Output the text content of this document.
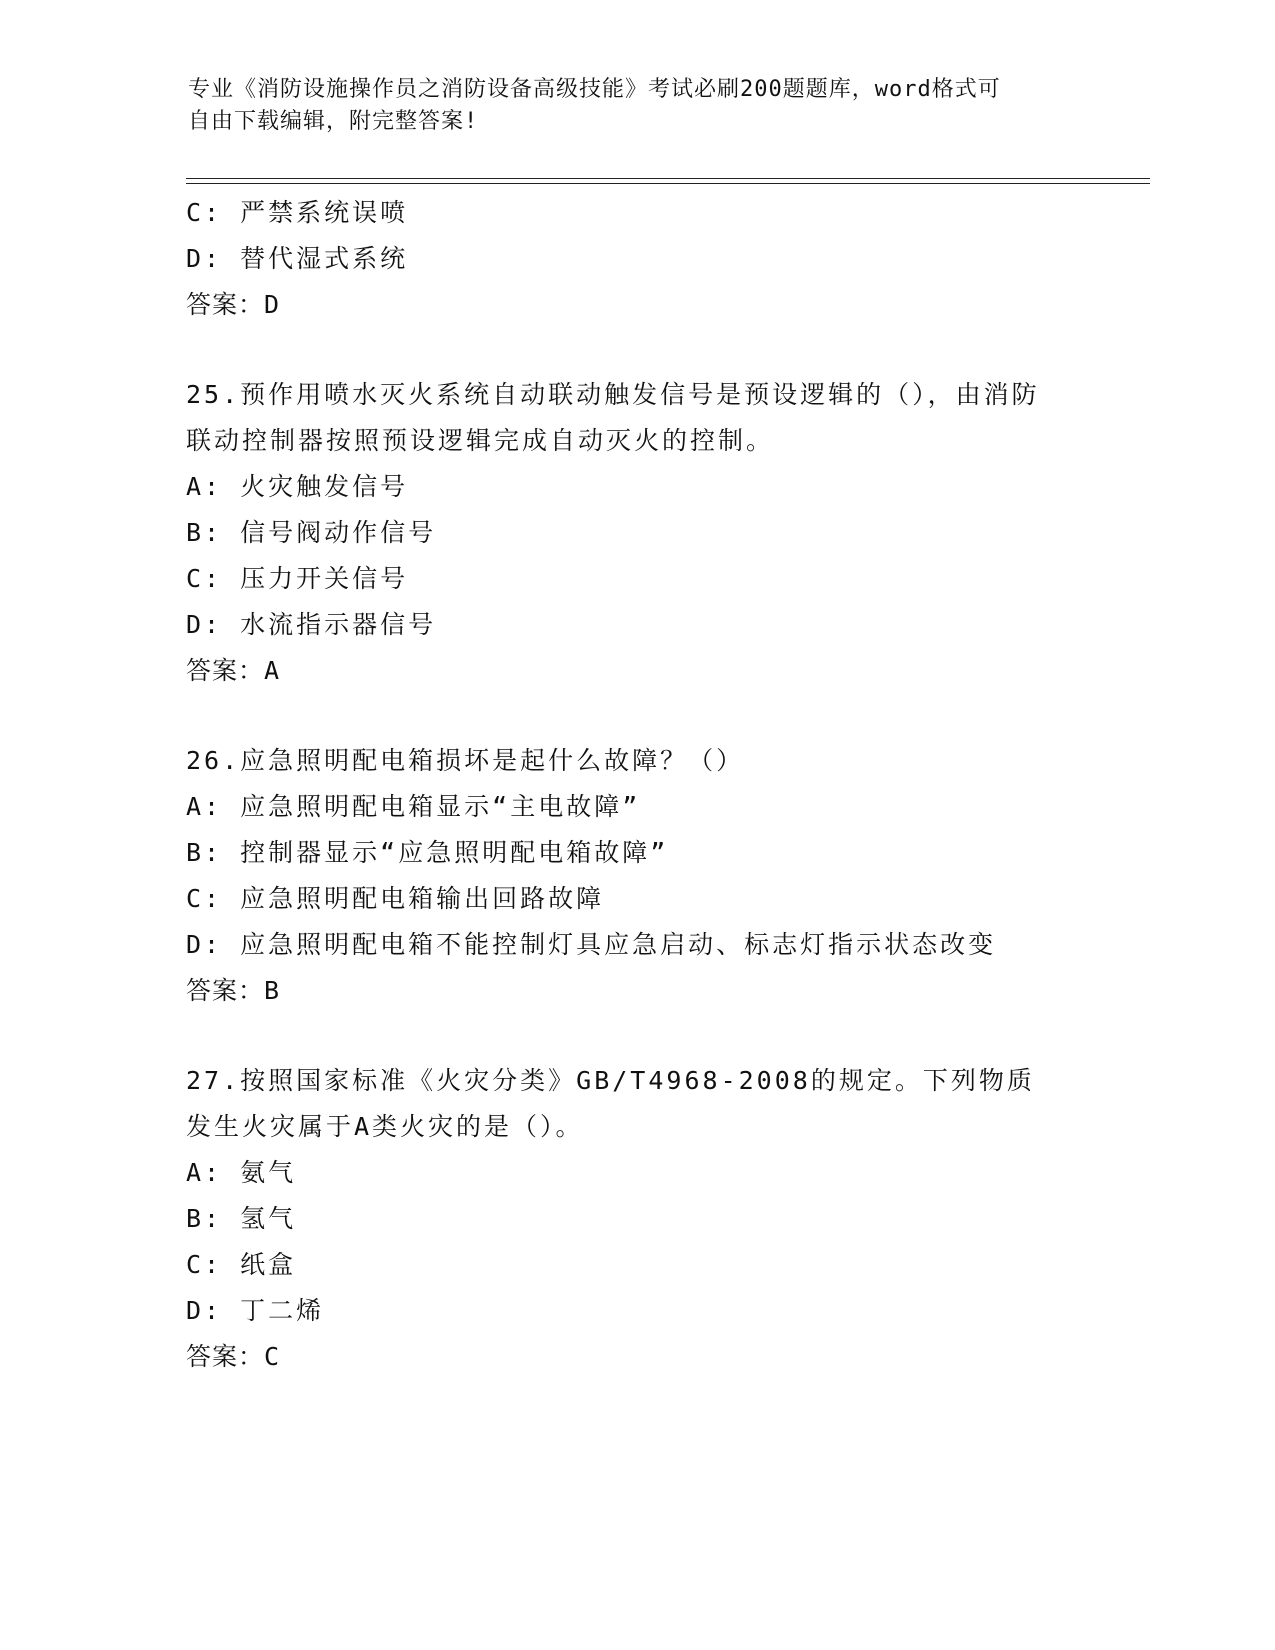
专业《消防设施操作员之消防设备高级技能》考试必刷200题题库，word格式可
自由下载编辑，附完整答案!
C: 严禁系统误喷
D: 替代湿式系统
答案：D
25.预作用喷水灭火系统自动联动触发信号是预设逻辑的（），由消防联动控制器按照预设逻辑完成自动灭火的控制。
A: 火灾触发信号
B: 信号阀动作信号
C: 压力开关信号
D: 水流指示器信号
答案：A
26.应急照明配电箱损坏是起什么故障？（）
A: 应急照明配电箱显示“主电故障”
B: 控制器显示“应急照明配电箱故障”
C: 应急照明配电箱输出回路故障
D: 应急照明配电箱不能控制灯具应急启动、标志灯指示状态改变
答案：B
27.按照国家标准《火灾分类》GB/T4968-2008的规定。下列物质发生火灾属于A类火灾的是（）。
A: 氨气
B: 氢气
C: 纸盒
D: 丁二烯
答案：C
